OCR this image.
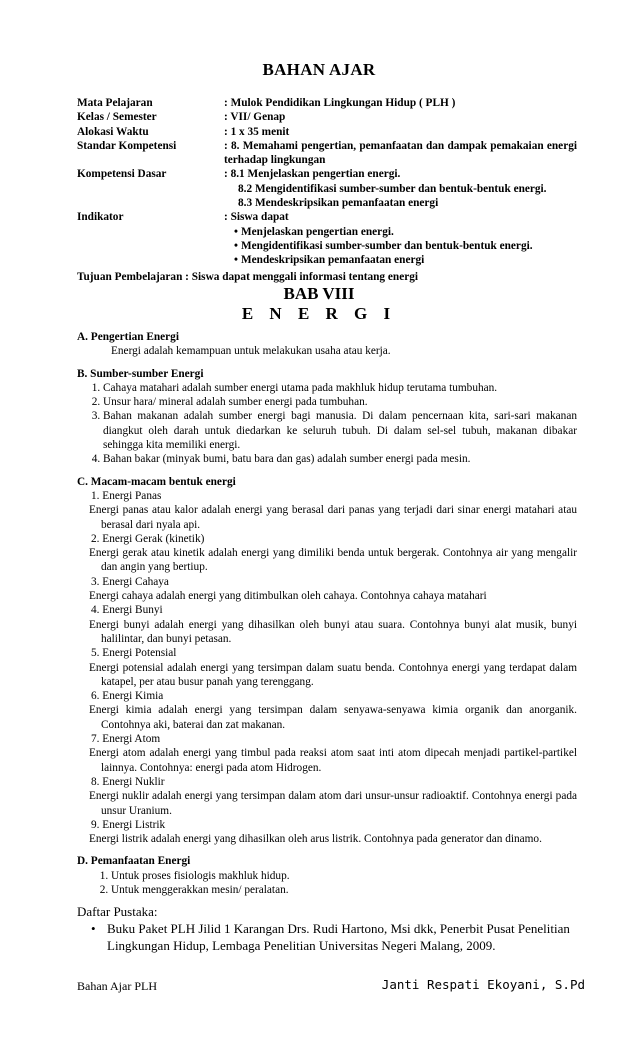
BAHAN AJAR
Mata Pelajaran	: Mulok Pendidikan Lingkungan Hidup ( PLH )
Kelas / Semester	: VII/ Genap
Alokasi Waktu	: 1 x 35 menit
Standar Kompetensi	: 8. Memahami pengertian, pemanfaatan dan dampak pemakaian energi terhadap lingkungan
Kompetensi Dasar	: 8.1 Menjelaskan pengertian energi.
8.2 Mengidentifikasi sumber-sumber dan bentuk-bentuk energi.
8.3 Mendeskripsikan pemanfaatan energi
Indikator	: Siswa dapat
• Menjelaskan pengertian energi.
• Mengidentifikasi sumber-sumber dan bentuk-bentuk energi.
• Mendeskripsikan pemanfaatan energi
Tujuan Pembelajaran : Siswa dapat menggali informasi tentang energi
BAB VIII
E N E R G I
A. Pengertian Energi
Energi adalah kemampuan untuk melakukan usaha atau kerja.
B. Sumber-sumber Energi
1. Cahaya matahari adalah sumber energi utama pada makhluk hidup terutama tumbuhan.
2. Unsur hara/ mineral adalah sumber energi pada tumbuhan.
3. Bahan makanan adalah sumber energi bagi manusia. Di dalam pencernaan kita, sari-sari makanan diangkut oleh darah untuk diedarkan ke seluruh tubuh. Di dalam sel-sel tubuh, makanan dibakar sehingga kita memiliki energi.
4. Bahan bakar (minyak bumi, batu bara dan gas) adalah sumber energi pada mesin.
C. Macam-macam bentuk energi
1. Energi Panas
Energi panas atau kalor adalah energi yang berasal dari panas yang terjadi dari sinar energi matahari atau berasal dari nyala api.
2. Energi Gerak (kinetik)
Energi gerak atau kinetik adalah energi yang dimiliki benda untuk bergerak. Contohnya air yang mengalir dan angin yang bertiup.
3. Energi Cahaya
Energi cahaya adalah energi yang ditimbulkan oleh cahaya. Contohnya cahaya matahari
4. Energi Bunyi
Energi bunyi adalah energi yang dihasilkan oleh bunyi atau suara. Contohnya bunyi alat musik, bunyi halilintar, dan bunyi petasan.
5. Energi Potensial
Energi potensial adalah energi yang tersimpan dalam suatu benda. Contohnya energi yang terdapat dalam katapel, per atau busur panah yang terenggang.
6. Energi Kimia
Energi kimia adalah energi yang tersimpan dalam senyawa-senyawa kimia organik dan anorganik. Contohnya aki, baterai dan zat makanan.
7. Energi Atom
Energi atom adalah energi yang timbul pada reaksi atom saat inti atom dipecah menjadi partikel-partikel lainnya. Contohnya: energi pada atom Hidrogen.
8. Energi Nuklir
Energi nuklir adalah energi yang tersimpan dalam atom dari unsur-unsur radioaktif. Contohnya energi pada unsur Uranium.
9. Energi Listrik
Energi listrik adalah energi yang dihasilkan oleh arus listrik. Contohnya pada generator dan dinamo.
D. Pemanfaatan Energi
1. Untuk proses fisiologis makhluk hidup.
2. Untuk menggerakkan mesin/ peralatan.
Daftar Pustaka:
• Buku Paket PLH Jilid 1 Karangan Drs. Rudi Hartono, Msi dkk, Penerbit Pusat Penelitian Lingkungan Hidup, Lembaga Penelitian Universitas Negeri Malang, 2009.
Bahan Ajar PLH	Janti Respati Ekoyani, S.Pd
